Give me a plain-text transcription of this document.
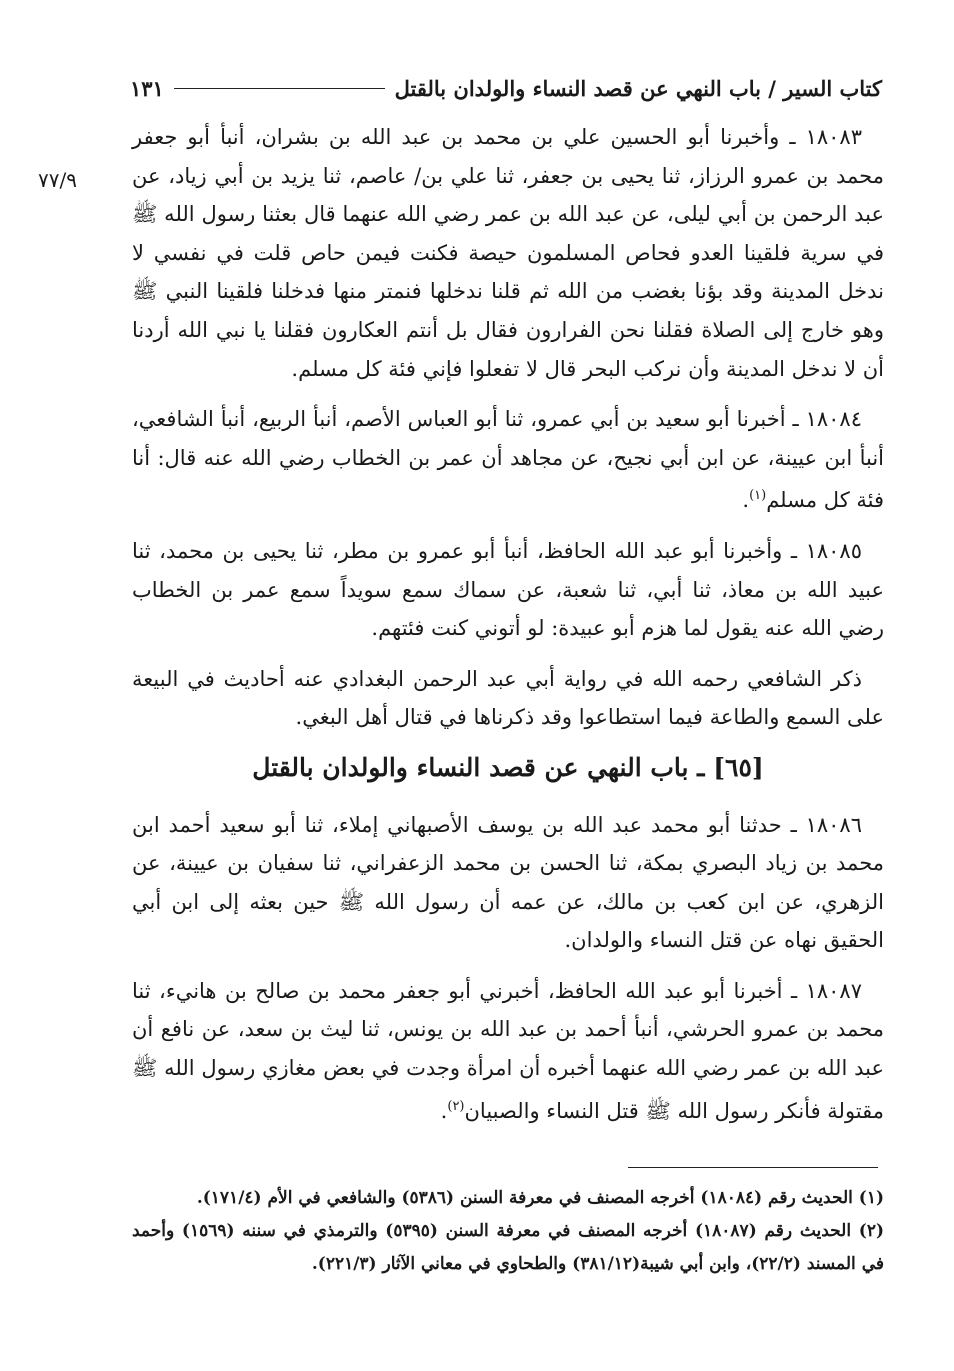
كتاب السير / باب النهي عن قصد النساء والولدان بالقتل
١٣١
٧٧/٩

١٨٠٨٣ ـ وأخبرنا أبو الحسين علي بن محمد بن عبد الله بن بشران، أنبأ أبو جعفر محمد بن عمرو الرزاز، ثنا يحيى بن جعفر، ثنا علي بن/ عاصم، ثنا يزيد بن أبي زياد، عن عبد الرحمن بن أبي ليلى، عن عبد الله بن عمر رضي الله عنهما قال بعثنا رسول الله ﷺ في سرية فلقينا العدو فحاص المسلمون حيصة فكنت فيمن حاص قلت في نفسي لا ندخل المدينة وقد بؤنا بغضب من الله ثم قلنا ندخلها فنمتر منها فدخلنا فلقينا النبي ﷺ وهو خارج إلى الصلاة فقلنا نحن الفرارون فقال بل أنتم العكارون فقلنا يا نبي الله أردنا أن لا ندخل المدينة وأن نركب البحر قال لا تفعلوا فإني فئة كل مسلم.

١٨٠٨٤ ـ أخبرنا أبو سعيد بن أبي عمرو، ثنا أبو العباس الأصم، أنبأ الربيع، أنبأ الشافعي، أنبأ ابن عيينة، عن ابن أبي نجيح، عن مجاهد أن عمر بن الخطاب رضي الله عنه قال: أنا فئة كل مسلم$^{(١)}$.

١٨٠٨٥ ـ وأخبرنا أبو عبد الله الحافظ، أنبأ أبو عمرو بن مطر، ثنا يحيى بن محمد، ثنا عبيد الله بن معاذ، ثنا أبي، ثنا شعبة، عن سماك سمع سويداً سمع عمر بن الخطاب رضي الله عنه يقول لما هزم أبو عبيدة: لو أتوني كنت فئتهم.

ذكر الشافعي رحمه الله في رواية أبي عبد الرحمن البغدادي عنه أحاديث في البيعة على السمع والطاعة فيما استطاعوا وقد ذكرناها في قتال أهل البغي.

[٦٥] ـ باب النهي عن قصد النساء والولدان بالقتل

١٨٠٨٦ ـ حدثنا أبو محمد عبد الله بن يوسف الأصبهاني إملاء، ثنا أبو سعيد أحمد ابن محمد بن زياد البصري بمكة، ثنا الحسن بن محمد الزعفراني، ثنا سفيان بن عيينة، عن الزهري، عن ابن كعب بن مالك، عن عمه أن رسول الله ﷺ حين بعثه إلى ابن أبي الحقيق نهاه عن قتل النساء والولدان.

١٨٠٨٧ ـ أخبرنا أبو عبد الله الحافظ، أخبرني أبو جعفر محمد بن صالح بن هانيء، ثنا محمد بن عمرو الحرشي، أنبأ أحمد بن عبد الله بن يونس، ثنا ليث بن سعد، عن نافع أن عبد الله بن عمر رضي الله عنهما أخبره أن امرأة وجدت في بعض مغازي رسول الله ﷺ مقتولة فأنكر رسول الله ﷺ قتل النساء والصبيان$^{(٢)}$.

(١) الحديث رقم (١٨٠٨٤) أخرجه المصنف في معرفة السنن (٥٣٨٦) والشافعي في الأم (١٧١/٤).

(٢) الحديث رقم (١٨٠٨٧) أخرجه المصنف في معرفة السنن (٥٣٩٥) والترمذي في سننه (١٥٦٩) وأحمد في المسند (٢٢/٢)، وابن أبي شيبة(٣٨١/١٢) والطحاوي في معاني الآثار (٢٢١/٣).
